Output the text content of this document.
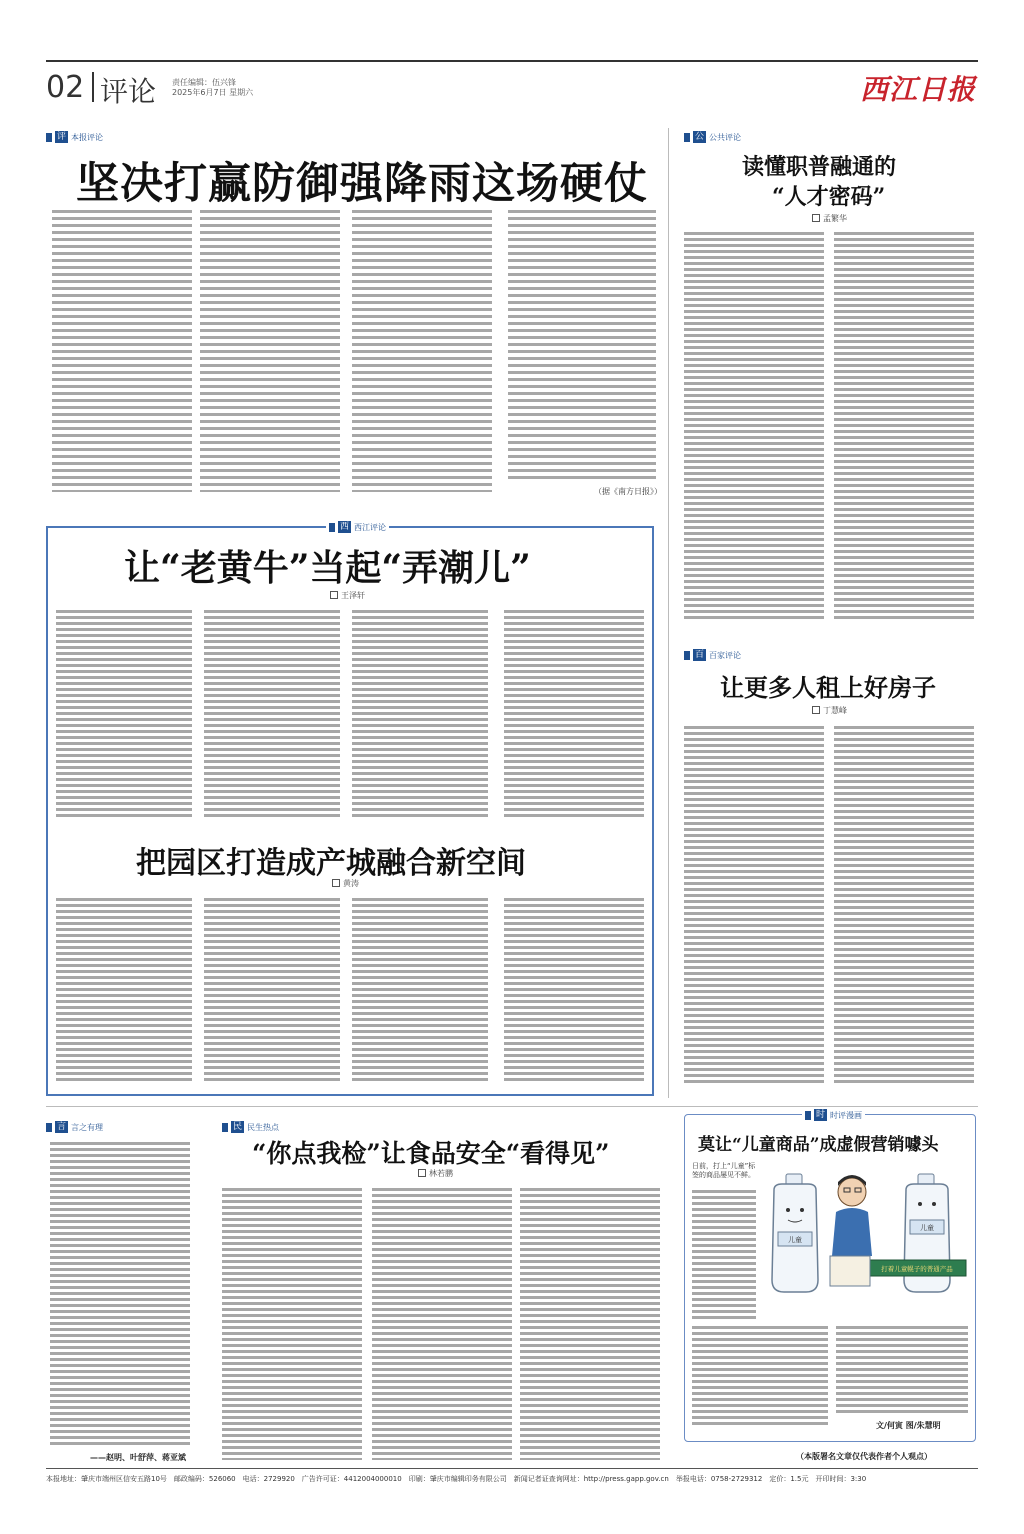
02 评论 责任编辑：伍兴锋
2025年6月7日 星期六	西江日报
评 本报评论
坚决打赢防御强降雨这场硬仗
（据《南方日报》）
公 公共评论
读懂职普融通的
“人才密码”
孟繁华
西 西江评论
让“老黄牛”当起“弄潮儿”
王泽轩
把园区打造成产城融合新空间
黄涛
百 百家评论
让更多人租上好房子
丁慧峰
言 言之有理
——赵明、叶舒萍、蒋亚斌
民 民生热点
“你点我检”让食品安全“看得见”
林若鹏
时 时评漫画
莫让“儿童商品”成虚假营销噱头
儿童
儿童
打着儿童幌子的普通产品
日前，打上“儿童”标签的商品屡见不鲜。
文/何寅 图/朱慧明
（本版署名文章仅代表作者个人观点）
本报地址：肇庆市端州区信安五路10号　邮政编码：526060　电话：2729920　广告许可证：4412004000010　印刷：肇庆市编辑印务有限公司　新闻记者证查询网址：http://press.gapp.gov.cn　举报电话：0758-2729312　定价：1.5元　开印时间：3:30
